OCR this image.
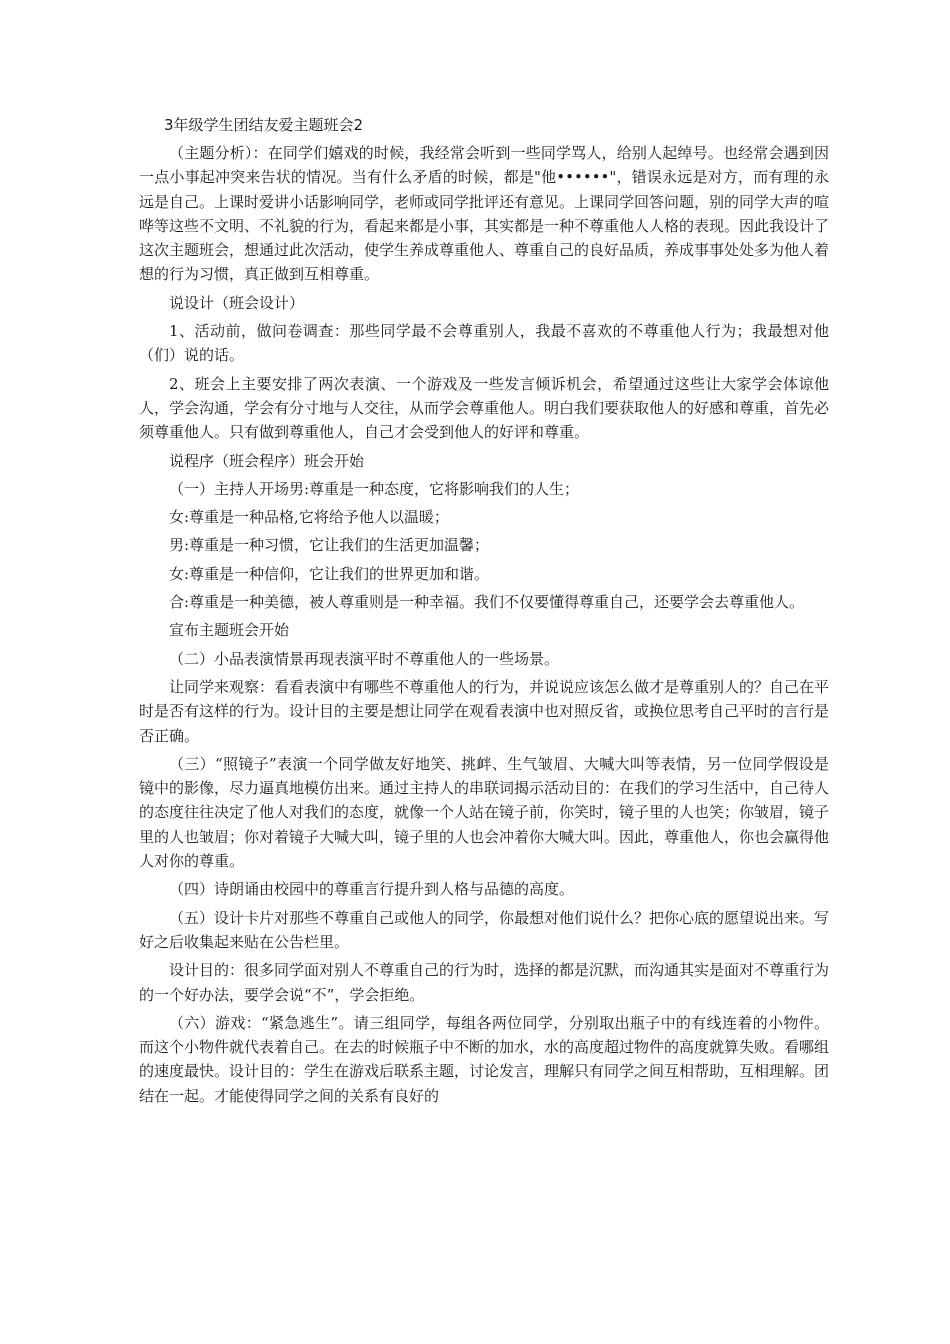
3年级学生团结友爱主题班会2

（主题分析）：在同学们嬉戏的时候，我经常会听到一些同学骂人，给别人起绰号。也经常会遇到因一点小事起冲突来告状的情况。当有什么矛盾的时候，都是"他••••••"，错误永远是对方，而有理的永远是自己。上课时爱讲小话影响同学，老师或同学批评还有意见。上课同学回答问题，别的同学大声的喧哗等这些不文明、不礼貌的行为，看起来都是小事，其实都是一种不尊重他人人格的表现。因此我设计了这次主题班会，想通过此次活动，使学生养成尊重他人、尊重自己的良好品质，养成事事处处多为他人着想的行为习惯，真正做到互相尊重。

说设计（班会设计）

1、活动前，做问卷调查：那些同学最不会尊重别人，我最不喜欢的不尊重他人行为；我最想对他（们）说的话。

2、班会上主要安排了两次表演、一个游戏及一些发言倾诉机会，希望通过这些让大家学会体谅他人，学会沟通，学会有分寸地与人交往，从而学会尊重他人。明白我们要获取他人的好感和尊重，首先必须尊重他人。只有做到尊重他人，自己才会受到他人的好评和尊重。

说程序（班会程序）班会开始

（一）主持人开场男:尊重是一种态度，它将影响我们的人生；

女:尊重是一种品格,它将给予他人以温暖；

男:尊重是一种习惯，它让我们的生活更加温馨；

女:尊重是一种信仰，它让我们的世界更加和谐。

合:尊重是一种美德，被人尊重则是一种幸福。我们不仅要懂得尊重自己，还要学会去尊重他人。

宣布主题班会开始

（二）小品表演情景再现表演平时不尊重他人的一些场景。

让同学来观察：看看表演中有哪些不尊重他人的行为，并说说应该怎么做才是尊重别人的？自己在平时是否有这样的行为。设计目的主要是想让同学在观看表演中也对照反省，或换位思考自己平时的言行是否正确。

（三）“照镜子”表演一个同学做友好地笑、挑衅、生气皱眉、大喊大叫等表情，另一位同学假设是镜中的影像，尽力逼真地模仿出来。通过主持人的串联词揭示活动目的：在我们的学习生活中，自己待人的态度往往决定了他人对我们的态度，就像一个人站在镜子前，你笑时，镜子里的人也笑；你皱眉，镜子里的人也皱眉；你对着镜子大喊大叫，镜子里的人也会冲着你大喊大叫。因此，尊重他人，你也会赢得他人对你的尊重。

（四）诗朗诵由校园中的尊重言行提升到人格与品德的高度。

（五）设计卡片对那些不尊重自己或他人的同学，你最想对他们说什么？把你心底的愿望说出来。写好之后收集起来贴在公告栏里。

设计目的：很多同学面对别人不尊重自己的行为时，选择的都是沉默，而沟通其实是面对不尊重行为的一个好办法，要学会说“不”，学会拒绝。

（六）游戏：“紧急逃生”。请三组同学，每组各两位同学，分别取出瓶子中的有线连着的小物件。而这个小物件就代表着自己。在去的时候瓶子中不断的加水，水的高度超过物件的高度就算失败。看哪组的速度最快。设计目的：学生在游戏后联系主题，讨论发言，理解只有同学之间互相帮助，互相理解。团结在一起。才能使得同学之间的关系有良好的
